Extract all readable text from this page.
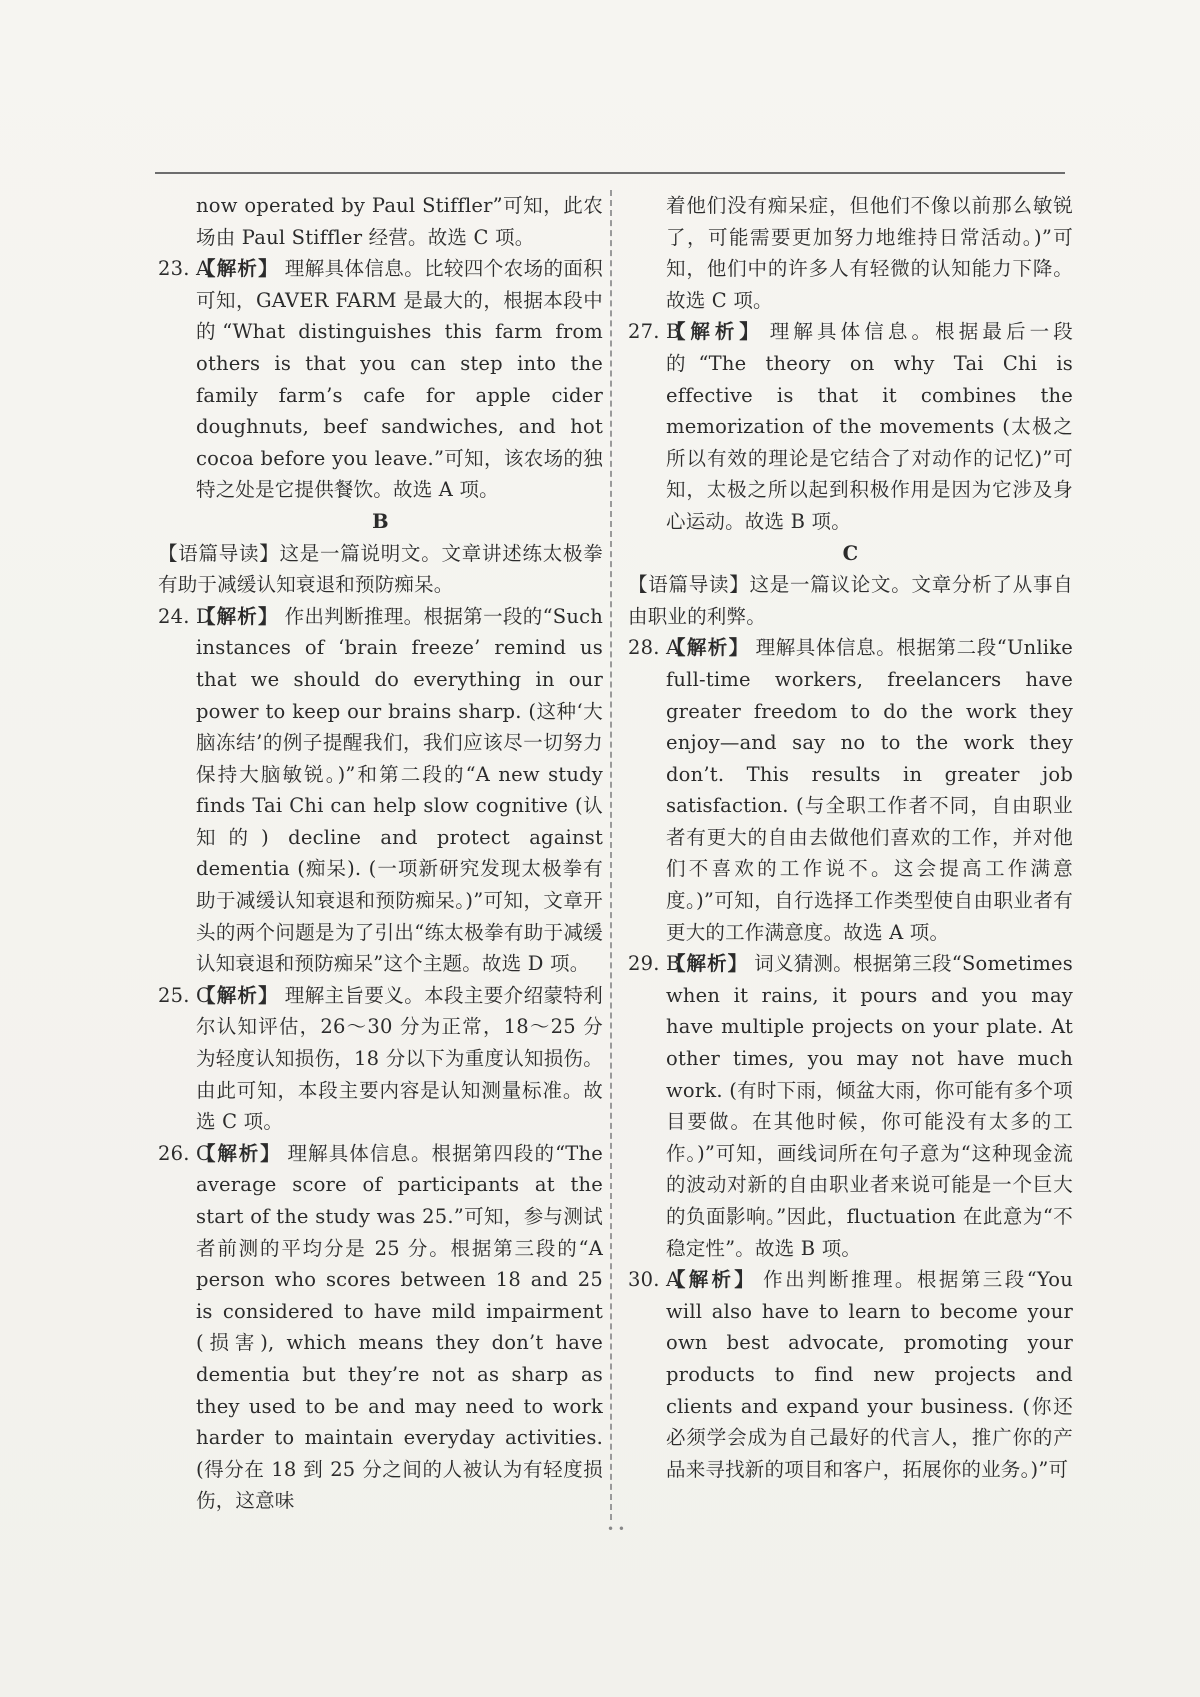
now operated by Paul Stiffler”可知，此农场由 Paul Stiffler 经营。故选 C 项。

23. A
【解析】 理解具体信息。比较四个农场的面积可知，GAVER FARM 是最大的，根据本段中的“What distinguishes this farm from others is that you can step into the family farm’s cafe for apple cider doughnuts, beef sandwiches, and hot cocoa before you leave.”可知，该农场的独特之处是它提供餐饮。故选 A 项。

B

【语篇导读】这是一篇说明文。文章讲述练太极拳有助于减缓认知衰退和预防痴呆。

24. D
【解析】 作出判断推理。根据第一段的“Such instances of ‘brain freeze’ remind us that we should do everything in our power to keep our brains sharp. (这种‘大脑冻结’的例子提醒我们，我们应该尽一切努力保持大脑敏锐。)”和第二段的“A new study finds Tai Chi can help slow cognitive (认知的) decline and protect against dementia (痴呆). (一项新研究发现太极拳有助于减缓认知衰退和预防痴呆。)”可知，文章开头的两个问题是为了引出“练太极拳有助于减缓认知衰退和预防痴呆”这个主题。故选 D 项。
25. C
【解析】 理解主旨要义。本段主要介绍蒙特利尔认知评估，26～30 分为正常，18～25 分为轻度认知损伤，18 分以下为重度认知损伤。由此可知，本段主要内容是认知测量标准。故选 C 项。
26. C
【解析】 理解具体信息。根据第四段的“The average score of participants at the start of the study was 25.”可知，参与测试者前测的平均分是 25 分。根据第三段的“A person who scores between 18 and 25 is considered to have mild impairment (损害), which means they don’t have dementia but they’re not as sharp as they used to be and may need to work harder to maintain everyday activities. (得分在 18 到 25 分之间的人被认为有轻度损伤，这意味

着他们没有痴呆症，但他们不像以前那么敏锐了，可能需要更加努力地维持日常活动。)”可知，他们中的许多人有轻微的认知能力下降。故选 C 项。

27. B
【解析】 理解具体信息。根据最后一段的“The theory on why Tai Chi is effective is that it combines the memorization of the movements (太极之所以有效的理论是它结合了对动作的记忆)”可知，太极之所以起到积极作用是因为它涉及身心运动。故选 B 项。

C

【语篇导读】这是一篇议论文。文章分析了从事自由职业的利弊。

28. A
【解析】 理解具体信息。根据第二段“Unlike full-time workers, freelancers have greater freedom to do the work they enjoy—and say no to the work they don’t. This results in greater job satisfaction. (与全职工作者不同，自由职业者有更大的自由去做他们喜欢的工作，并对他们不喜欢的工作说不。这会提高工作满意度。)”可知，自行选择工作类型使自由职业者有更大的工作满意度。故选 A 项。
29. B
【解析】 词义猜测。根据第三段“Sometimes when it rains, it pours and you may have multiple projects on your plate. At other times, you may not have much work. (有时下雨，倾盆大雨，你可能有多个项目要做。在其他时候，你可能没有太多的工作。)”可知，画线词所在句子意为“这种现金流的波动对新的自由职业者来说可能是一个巨大的负面影响。”因此，fluctuation 在此意为“不稳定性”。故选 B 项。
30. A
【解析】 作出判断推理。根据第三段“You will also have to learn to become your own best advocate, promoting your products to find new projects and clients and expand your business. (你还必须学会成为自己最好的代言人，推广你的产品来寻找新的项目和客户，拓展你的业务。)”可
• •
